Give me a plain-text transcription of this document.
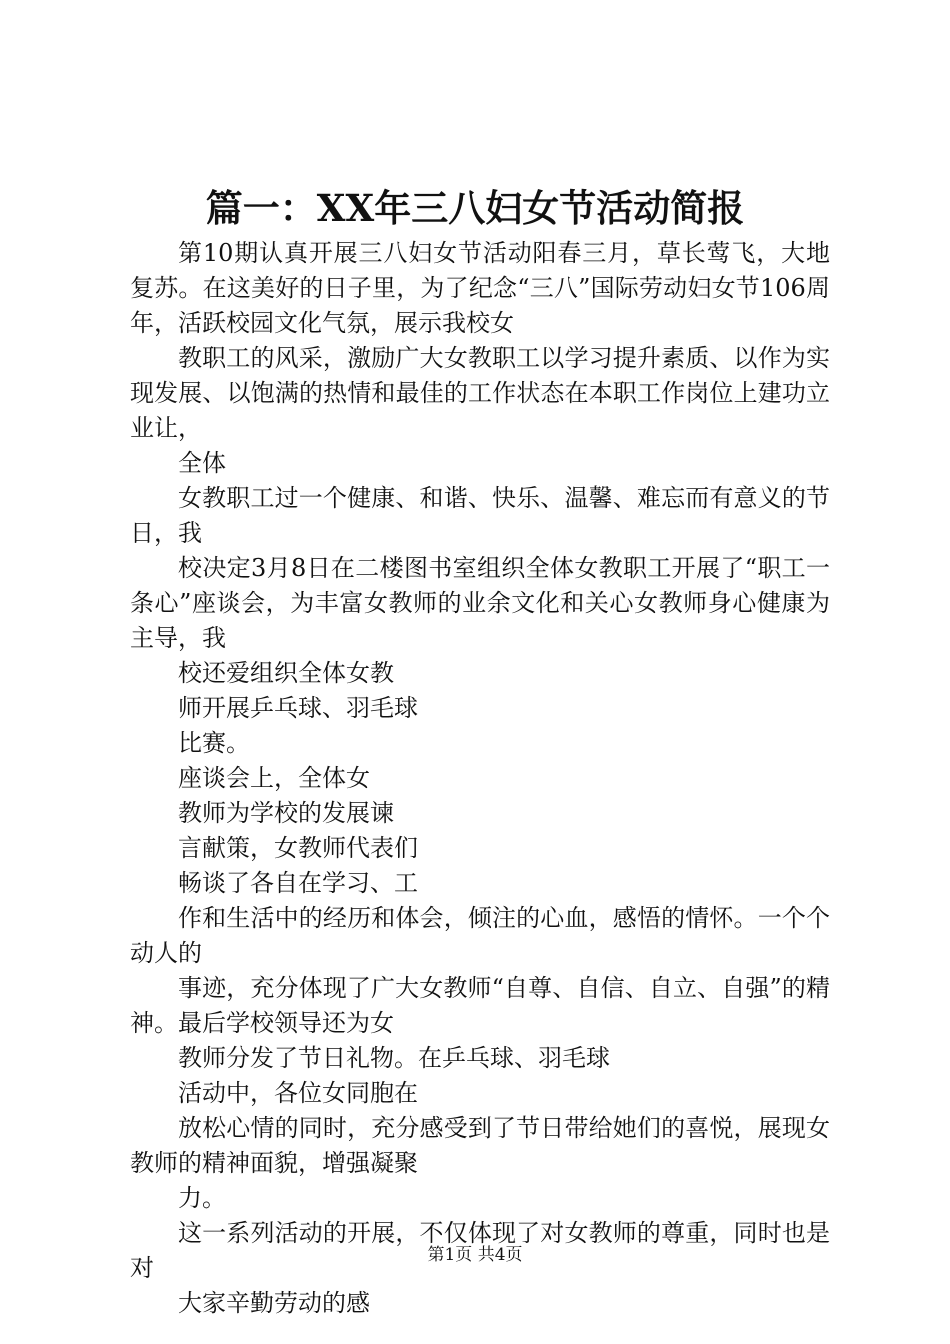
篇一：XX年三八妇女节活动简报

第10期认真开展三八妇女节活动阳春三月，草长莺飞，大地复苏。在这美好的日子里，为了纪念“三八”国际劳动妇女节106周年，活跃校园文化气氛，展示我校女

教职工的风采，激励广大女教职工以学习提升素质、以作为实现发展、以饱满的热情和最佳的工作状态在本职工作岗位上建功立业让，

全体

女教职工过一个健康、和谐、快乐、温馨、难忘而有意义的节日，我

校决定3月8日在二楼图书室组织全体女教职工开展了“职工一条心”座谈会，为丰富女教师的业余文化和关心女教师身心健康为主导，我

校还爱组织全体女教

师开展乒乓球、羽毛球

比赛。

座谈会上，全体女

教师为学校的发展谏

言献策，女教师代表们

畅谈了各自在学习、工

作和生活中的经历和体会，倾注的心血，感悟的情怀。一个个动人的

事迹，充分体现了广大女教师“自尊、自信、自立、自强”的精神。最后学校领导还为女

教师分发了节日礼物。在乒乓球、羽毛球

活动中，各位女同胞在

放松心情的同时，充分感受到了节日带给她们的喜悦，展现女教师的精神面貌，增强凝聚

力。

这一系列活动的开展，不仅体现了对女教师的尊重，同时也是对

大家辛勤劳动的感

第1页 共4页
